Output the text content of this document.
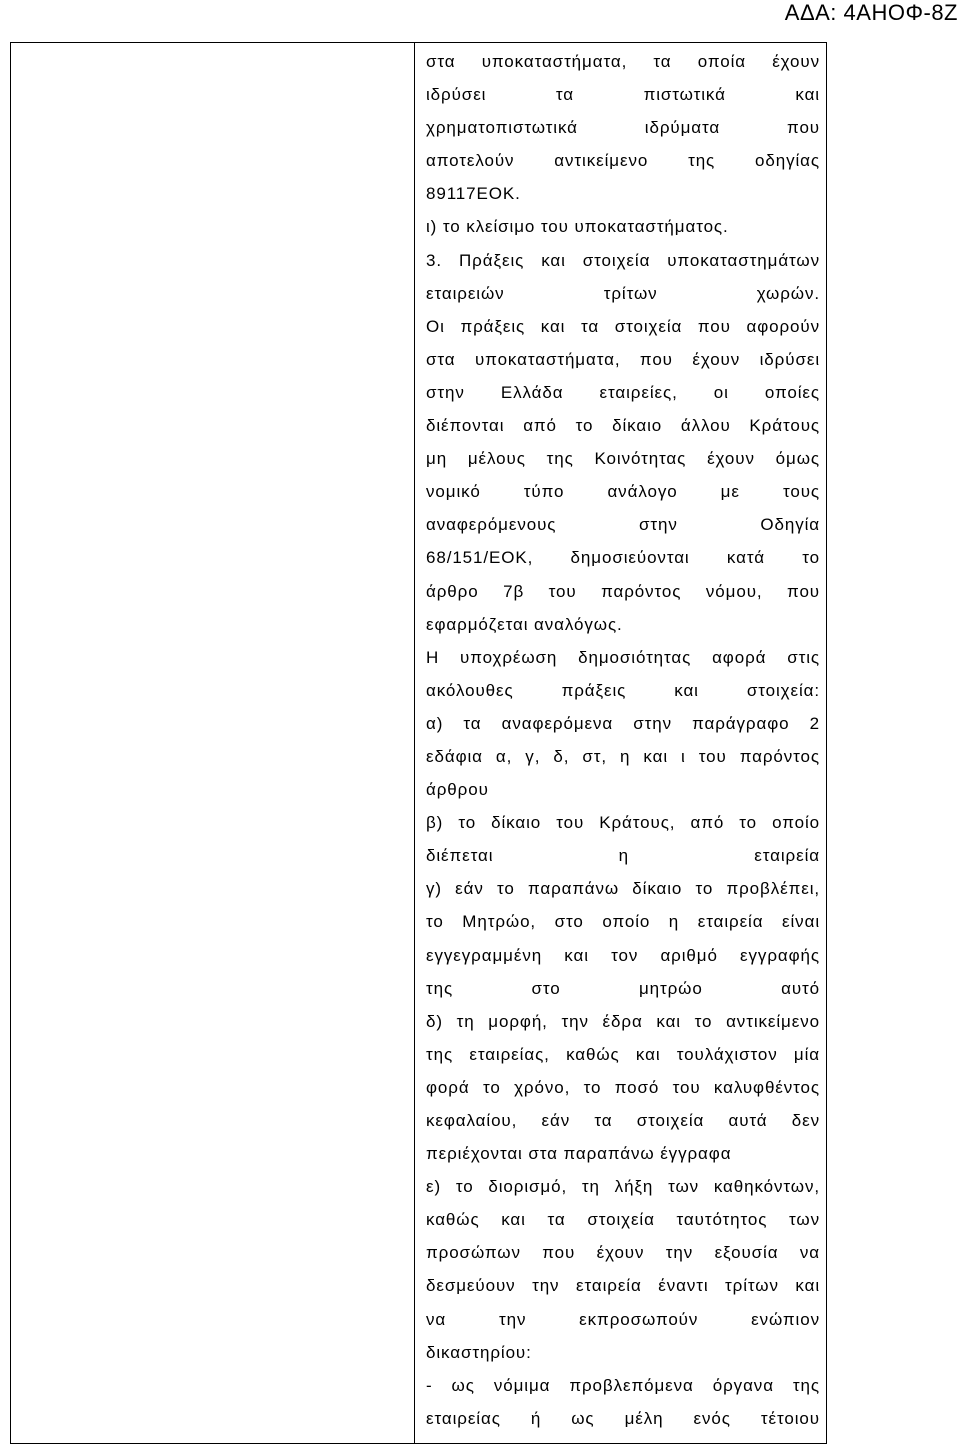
ΑΔΑ: 4ΑΗΟΦ-8Ζ
στα υποκαταστήματα, τα οποία έχουν
ιδρύσει τα πιστωτικά και
χρηματοπιστωτικά ιδρύματα που
αποτελούν αντικείμενο της οδηγίας
89117ΕΟΚ.
ι) το κλείσιμο του υποκαταστήματος.
3. Πράξεις και στοιχεία υποκαταστημάτων
εταιρειών τρίτων χωρών.
Οι πράξεις και τα στοιχεία που αφορούν
στα υποκαταστήματα, που έχουν ιδρύσει
στην Ελλάδα εταιρείες, οι οποίες
διέπονται από το δίκαιο άλλου Κράτους
μη μέλους της Κοινότητας έχουν όμως
νομικό τύπο ανάλογο με τους
αναφερόμενους στην Οδηγία
68/151/ΕΟΚ, δημοσιεύονται κατά το
άρθρο 7β του παρόντος νόμου, που
εφαρμόζεται αναλόγως.
Η υποχρέωση δημοσιότητας αφορά στις
ακόλουθες πράξεις και στοιχεία:
α) τα αναφερόμενα στην παράγραφο 2
εδάφια α, γ, δ, στ, η και ι του παρόντος
άρθρου
β) το δίκαιο του Κράτους, από το οποίο
διέπεται η εταιρεία
γ) εάν το παραπάνω δίκαιο το προβλέπει,
το Μητρώο, στο οποίο η εταιρεία είναι
εγγεγραμμένη και τον αριθμό εγγραφής
της στο μητρώο αυτό
δ) τη μορφή, την έδρα και το αντικείμενο
της εταιρείας, καθώς και τουλάχιστον μία
φορά το χρόνο, το ποσό του καλυφθέντος
κεφαλαίου, εάν τα στοιχεία αυτά δεν
περιέχονται στα παραπάνω έγγραφα
ε) το διορισμό, τη λήξη των καθηκόντων,
καθώς και τα στοιχεία ταυτότητος των
προσώπων που έχουν την εξουσία να
δεσμεύουν την εταιρεία έναντι τρίτων και
να την εκπροσωπούν ενώπιον
δικαστηρίου:
- ως νόμιμα προβλεπόμενα όργανα της
εταιρείας ή ως μέλη ενός τέτοιου
